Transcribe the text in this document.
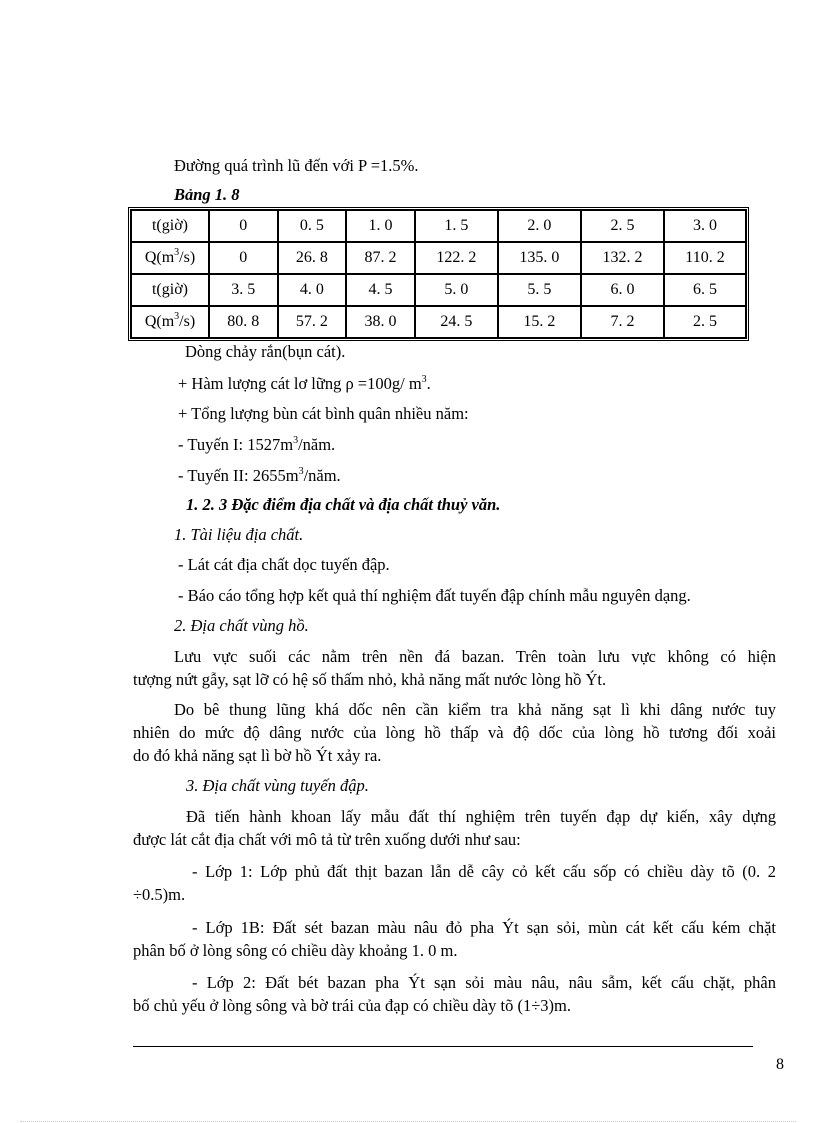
Đường quá trình lũ đến với P =1.5%.
Bảng 1. 8
t(giờ)	0	0. 5	1. 0	1. 5	2. 0	2. 5	3. 0
$Q(m^3/s)$	0	26. 8	87. 2	122. 2	135. 0	132. 2	110. 2
t(giờ)	3. 5	4. 0	4. 5	5. 0	5. 5	6. 0	6. 5
$Q(m^3/s)$	80. 8	57. 2	38. 0	24. 5	15. 2	7. 2	2. 5
Dòng chảy rắn(bụn cát).
+ Hàm lượng cát lơ lững ρ =100g/ $m^3$.
+ Tổng lượng bùn cát bình quân nhiều năm:
- Tuyến I: $1527m^3$/năm.
- Tuyến II: $2655m^3$/năm.
1. 2. 3 Đặc điểm địa chất và địa chất thuỷ văn.
1. Tài liệu địa chất.
- Lát cát địa chất dọc tuyến đập.
- Báo cáo tổng hợp kết quả thí nghiệm đất tuyến đập chính mẫu nguyên dạng.
2. Địa chất vùng hồ.
Lưu vực suối các nằm trên nền đá bazan. Trên toàn lưu vực không có hiện
tượng nứt gẫy, sạt lỡ có hệ số thấm nhỏ, khả năng mất nước lòng hồ Ýt.
Do bê thung lũng khá dốc nên cần kiểm tra khả năng sạt lì khi dâng nước tuy
nhiên do mức độ dâng nước của lòng hồ thấp và độ dốc của lòng hồ tương đối xoải
do đó khả năng sạt lì bờ hồ Ýt xảy ra.
3. Địa chất vùng tuyến đập.
Đã tiến hành khoan lấy mẫu đất thí nghiệm trên tuyến đạp dự kiến, xây dựng
được lát cắt địa chất với mô tả từ trên xuống dưới như sau:
- Lớp 1: Lớp phủ đất thịt bazan lẫn dễ cây cỏ kết cấu sốp có chiều dày tõ (0. 2
÷0.5)m.
- Lớp 1B: Đất sét bazan màu nâu đỏ pha Ýt sạn sỏi, mùn cát kết cấu kém chặt
phân bố ở lòng sông có chiều dày khoảng 1. 0 m.
- Lớp 2: Đất bét bazan pha Ýt sạn sỏi màu nâu, nâu sẫm, kết cấu chặt, phân
bố chủ yếu ở lòng sông và bờ trái của đạp có chiều dày tõ (1÷3)m.
8
